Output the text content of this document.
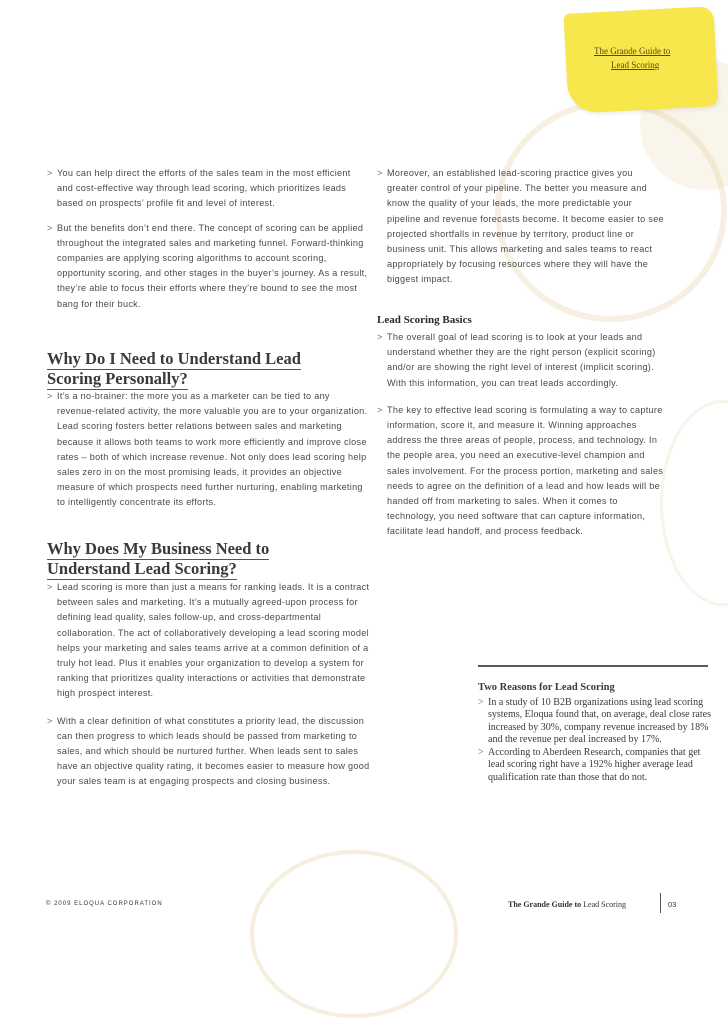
The Grande Guide to
Lead Scoring

> You can help direct the efforts of the sales team in the most efficient and cost-effective way through lead scoring, which prioritizes leads based on prospects’ profile fit and level of interest.

> But the benefits don’t end there. The concept of scoring can be applied throughout the integrated sales and marketing funnel. Forward-thinking companies are applying scoring algorithms to account scoring, opportunity scoring, and other stages in the buyer’s journey. As a result, they’re able to focus their efforts where they’re bound to see the most bang for their buck.

Why Do I Need to Understand Lead
Scoring Personally?

> It’s a no-brainer: the more you as a marketer can be tied to any revenue-related activity, the more valuable you are to your organization. Lead scoring fosters better relations between sales and marketing because it allows both teams to work more efficiently and improve close rates – both of which increase revenue. Not only does lead scoring help sales zero in on the most promising leads, it provides an objective measure of which prospects need further nurturing, enabling marketing to intelligently concentrate its efforts.

Why Does My Business Need to
Understand Lead Scoring?

> Lead scoring is more than just a means for ranking leads. It is a contract between sales and marketing. It’s a mutually agreed-upon process for defining lead quality, sales follow-up, and cross-departmental collaboration. The act of collaboratively developing a lead scoring model helps your marketing and sales teams arrive at a common definition of a truly hot lead. Plus it enables your organization to develop a system for ranking that prioritizes quality interactions or activities that demonstrate high prospect interest.

> With a clear definition of what constitutes a priority lead, the discussion can then progress to which leads should be passed from marketing to sales, and which should be nurtured further. When leads sent to sales have an objective quality rating, it becomes easier to measure how good your sales team is at engaging prospects and closing business.

> Moreover, an established lead-scoring practice gives you greater control of your pipeline. The better you measure and know the quality of your leads, the more predictable your pipeline and revenue forecasts become. It become easier to see projected shortfalls in revenue by territory, product line or business unit. This allows marketing and sales teams to react appropriately by focusing resources where they will have the biggest impact.

Lead Scoring Basics

> The overall goal of lead scoring is to look at your leads and understand whether they are the right person (explicit scoring) and/or are showing the right level of interest (implicit scoring). With this information, you can treat leads accordingly.

> The key to effective lead scoring is formulating a way to capture information, score it, and measure it. Winning approaches address the three areas of people, process, and technology. In the people area, you need an executive-level champion and sales involvement. For the process portion, marketing and sales needs to agree on the definition of a lead and how leads will be handed off from marketing to sales. When it comes to technology, you need software that can capture information, facilitate lead handoff, and process feedback.

Two Reasons for Lead Scoring
> In a study of 10 B2B organizations using lead scoring systems, Eloqua found that, on average, deal close rates increased by 30%, company revenue increased by 18% and the revenue per deal increased by 17%.
> According to Aberdeen Research, companies that get lead scoring right have a 192% higher average lead qualification rate than those that do not.
© 2009 ELOQUA CORPORATION	The Grande Guide to Lead Scoring	03
